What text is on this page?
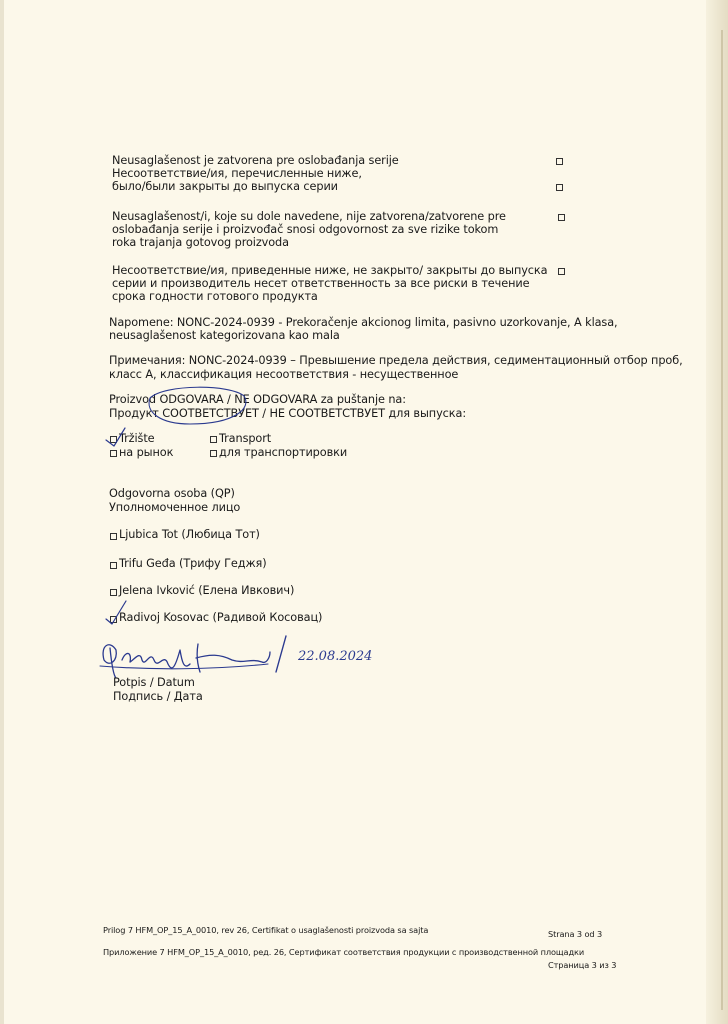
Neusaglašenost je zatvorena pre oslobađanja serije
Несоответствие/ия, перечисленные ниже,
было/были закрыты до выпуска серии
Neusaglašenost/i, koje su dole navedene, nije zatvorena/zatvorene pre
oslobađanja serije i proizvođač snosi odgovornost za sve rizike tokom
roka trajanja gotovog proizvoda
Несоответствие/ия, приведенные ниже, не закрыто/ закрыты до выпуска
серии и производитель несет ответственность за все риски в течение
срока годности готового продукта
Napomene: NONC-2024-0939 - Prekoračenje akcionog limita, pasivno uzorkovanje, A klasa,
neusaglašenost kategorizovana kao mala
Примечания: NONC-2024-0939 – Превышение предела действия, седиментационный отбор проб,
класс А, классификация несоответствия - несущественное
Proizvod ODGOVARA / NE ODGOVARA za puštanje na:
Продукт СООТВЕТСТВУЕТ / НЕ СООТВЕТСТВУЕТ для выпуска:
Tržište
на рынок
Transport
для транспортировки
Odgovorna osoba (QP)
Уполномоченное лицо
Ljubica Tot (Любица Тот)
Trifu Geđa (Трифу Геджя)
Jelena Ivković (Елена Ивкович)
Radivoj Kosovac (Радивой Косовац)
22.08.2024
Potpis / Datum
Подпись / Дата
Prilog 7 HFM_OP_15_A_0010, rev 26, Certifikat o usaglašenosti proizvoda sa sajta	Strana 3 od 3
Приложение 7 HFM_OP_15_A_0010, ред. 26, Сертификат соответствия продукции с производственной площадки
Страница 3 из 3
